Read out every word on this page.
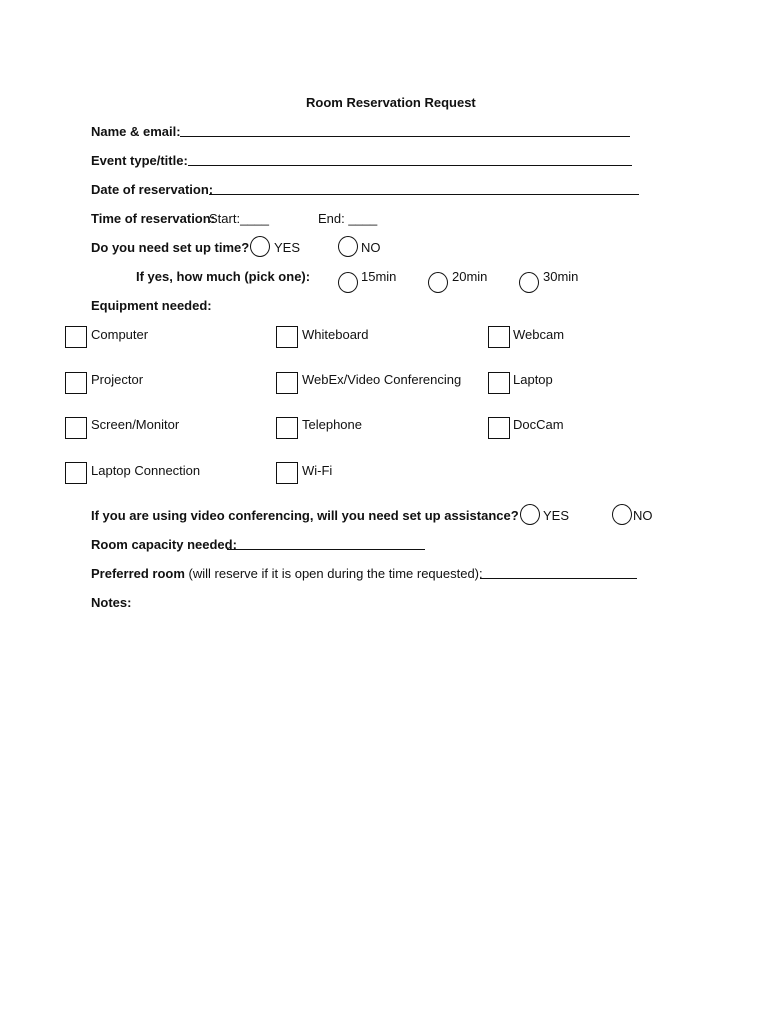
Room Reservation Request
Name & email:
Event type/title:
Date of reservation:
Time of reservation:
Start:____	End: ____
Do you need set up time? YES	NO
If yes, how much (pick one):	15min	20min	30min
Equipment needed:
Computer	Whiteboard	Webcam
Projector	WebEx/Video Conferencing	Laptop
Screen/Monitor	Telephone	DocCam
Laptop Connection	Wi-Fi
If you are using video conferencing, will you need set up assistance? YES	NO
Room capacity needed:
Preferred room (will reserve if it is open during the time requested):
Notes:
